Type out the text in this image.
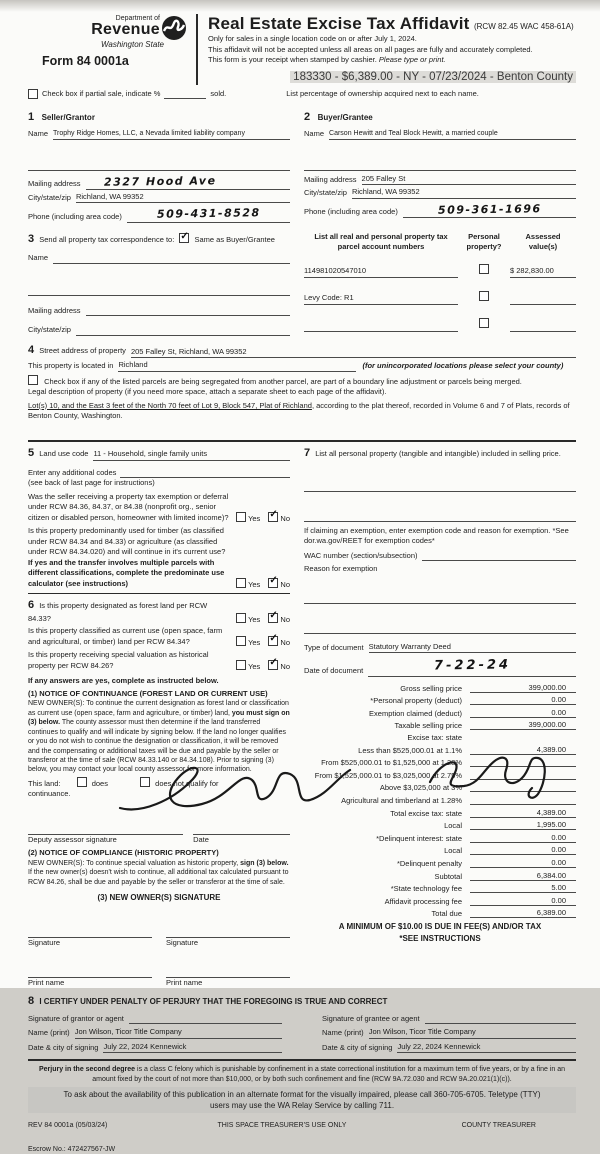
Department of
Revenue
Washington State
Form 84 0001a
Real Estate Excise Tax Affidavit (RCW 82.45 WAC 458-61A)
Only for sales in a single location code on or after July 1, 2024.
This affidavit will not be accepted unless all areas on all pages are fully and accurately completed.
This form is your receipt when stamped by cashier. Please type or print.
183330 - $6,389.00 - NY - 07/23/2024 - Benton County
Check box if partial sale, indicate %
	sold.	List percentage of ownership acquired next to each name.
1 Seller/Grantor
Name Trophy Ridge Homes, LLC, a Nevada limited liability company

Mailing address	2327 Hood Ave
City/state/zip Richland, WA 99352
Phone (including area code)	509-431-8528
2 Buyer/Grantee
Name Carson Hewitt and Teal Block Hewitt, a married couple

Mailing address 205 Falley St
City/state/zip Richland, WA 99352
Phone (including area code)	509-361-1696
3 Send all property tax correspondence to: ✓	Same as Buyer/Grantee
Name

Mailing address

City/state/zip

List all real and personal property tax
parcel account numbers
Personal
property?
Assessed
value(s)
114981020547010	$ 282,830.00
Levy Code: R1

4 Street address of property 205 Falley St, Richland, WA 99352
This property is located in Richland	(for unincorporated locations please select your county)
Check box if any of the listed parcels are being segregated from another parcel, are part of a boundary line adjustment or parcels being merged.
Legal description of property (if you need more space, attach a separate sheet to each page of the affidavit).
Lot(s) 10, and the East 3 feet of the North 70 feet of Lot 9, Block 547, Plat of Richland, according to the plat thereof, recorded in Volume 6 and 7 of Plats, records of Benton County, Washington.
5 Land use code 11 - Household, single family units
Enter any additional codes

(see back of last page for instructions)
Was the seller receiving a property tax exemption or deferral under RCW 84.36, 84.37, or 84.38 (nonprofit org., senior citizen or disabled person, homeowner with limited income)?	Yes ✓	No
Is this property predominantly used for timber (as classified under RCW 84.34 and 84.33) or agriculture (as classified under RCW 84.34.020) and will continue in it's current use? If yes and the transfer involves multiple parcels with different classifications, complete the predominate use calculator (see instructions)	Yes ✓	No
6 Is this property designated as forest land per RCW 84.33?	Yes ✓	No
Is this property classified as current use (open space, farm and agricultural, or timber) land per RCW 84.34?	Yes ✓	No
Is this property receiving special valuation as historical property per RCW 84.26?	Yes ✓	No
If any answers are yes, complete as instructed below.
(1) NOTICE OF CONTINUANCE (FOREST LAND OR CURRENT USE)
NEW OWNER(S): To continue the current designation as forest land or classification as current use (open space, farm and agriculture, or timber) land, you must sign on (3) below. The county assessor must then determine if the land transferred continues to qualify and will indicate by signing below. If the land no longer qualifies or you do not wish to continue the designation or classification, it will be removed and the compensating or additional taxes will be due and payable by the seller or transferor at the time of sale (RCW 84.33.140 or 84.34.108). Prior to signing (3) below, you may contact your local county assessor for more information.
This land:	does	does not qualify for
continuance.

Deputy assessor signature	Date
(2) NOTICE OF COMPLIANCE (HISTORIC PROPERTY)
NEW OWNER(S): To continue special valuation as historic property, sign (3) below. If the new owner(s) doesn't wish to continue, all additional tax calculated pursuant to RCW 84.26, shall be due and payable by the seller or transferor at the time of sale.
(3) NEW OWNER(S) SIGNATURE

Signature	Signature

Print name	Print name
7 List all personal property (tangible and intangible) included in selling price.

If claiming an exemption, enter exemption code and reason for exemption. *See dor.wa.gov/REET for exemption codes*
WAC number (section/subsection)

Reason for exemption

Type of document Statutory Warranty Deed
Date of document	7-22-24
Gross selling price	399,000.00
*Personal property (deduct)	0.00
Exemption claimed (deduct)	0.00
Taxable selling price	399,000.00
Excise tax: state

Less than $525,000.01 at 1.1%	4,389.00
From $525,000.01 to $1,525,000 at 1.28%

From $1,525,000.01 to $3,025,000 at 2.75%

Above $3,025,000 at 3%

Agricultural and timberland at 1.28%

Total excise tax: state	4,389.00
Local	1,995.00
*Delinquent interest: state	0.00
Local	0.00
*Delinquent penalty	0.00
Subtotal	6,384.00
*State technology fee	5.00
Affidavit processing fee	0.00
Total due	6,389.00
A MINIMUM OF $10.00 IS DUE IN FEE(S) AND/OR TAX
*SEE INSTRUCTIONS
8 I CERTIFY UNDER PENALTY OF PERJURY THAT THE FOREGOING IS TRUE AND CORRECT
Signature of grantor or agent

Name (print) Jon Wilson, Ticor Title Company
Date & city of signing July 22, 2024 Kennewick
Signature of grantee or agent

Name (print) Jon Wilson, Ticor Title Company
Date & city of signing July 22, 2024 Kennewick
Perjury in the second degree is a class C felony which is punishable by confinement in a state correctional institution for a maximum term of five years, or by a fine in an amount fixed by the court of not more than $10,000, or by both such confinement and fine (RCW 9A.72.030 and RCW 9A.20.021(1)(c)).
To ask about the availability of this publication in an alternate format for the visually impaired, please call 360-705-6705. Teletype (TTY) users may use the WA Relay Service by calling 711.
REV 84 0001a (05/03/24)	THIS SPACE TREASURER'S USE ONLY	COUNTY TREASURER
Escrow No.: 472427567-JW
